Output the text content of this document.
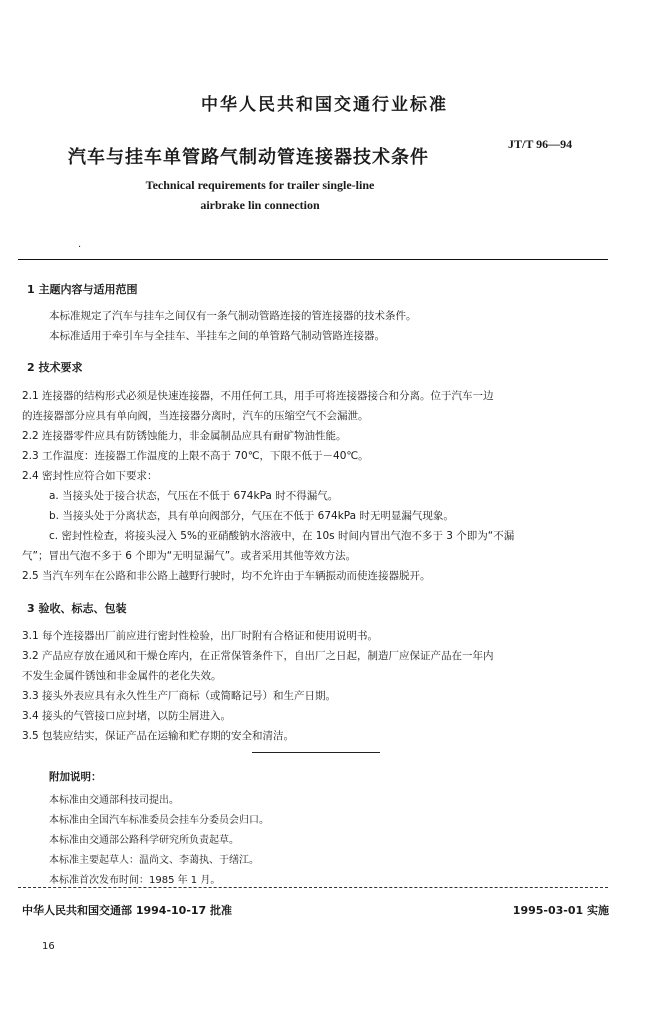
中华人民共和国交通行业标准
汽车与挂车单管路气制动管连接器技术条件
JT/T 96—94
Technical requirements for trailer single-line
airbrake lin connection
·
1 主题内容与适用范围
本标准规定了汽车与挂车之间仅有一条气制动管路连接的管连接器的技术条件。
本标准适用于牵引车与全挂车、半挂车之间的单管路气制动管路连接器。
2 技术要求
2.1 连接器的结构形式必须是快速连接器，不用任何工具，用手可将连接器接合和分离。位于汽车一边
的连接器部分应具有单向阀，当连接器分离时，汽车的压缩空气不会漏泄。
2.2 连接器零件应具有防锈蚀能力，非金属制品应具有耐矿物油性能。
2.3 工作温度：连接器工作温度的上限不高于 70℃，下限不低于－40℃。
2.4 密封性应符合如下要求：
a. 当接头处于接合状态，气压在不低于 674kPa 时不得漏气。
b. 当接头处于分离状态，具有单向阀部分，气压在不低于 674kPa 时无明显漏气现象。
c. 密封性检查，将接头浸入 5%的亚硝酸钠水溶液中，在 10s 时间内冒出气泡不多于 3 个即为“不漏
气”；冒出气泡不多于 6 个即为“无明显漏气”。或者采用其他等效方法。
2.5 当汽车列车在公路和非公路上越野行驶时，均不允许由于车辆振动而使连接器脱开。
3 验收、标志、包装
3.1 每个连接器出厂前应进行密封性检验，出厂时附有合格证和使用说明书。
3.2 产品应存放在通风和干燥仓库内，在正常保管条件下，自出厂之日起，制造厂应保证产品在一年内
不发生金属件锈蚀和非金属件的老化失效。
3.3 接头外表应具有永久性生产厂商标（或简略记号）和生产日期。
3.4 接头的气管接口应封堵，以防尘屑进入。
3.5 包装应结实，保证产品在运输和贮存期的安全和清洁。
附加说明：
本标准由交通部科技司提出。
本标准由全国汽车标准委员会挂车分委员会归口。
本标准由交通部公路科学研究所负责起草。
本标准主要起草人：温尚文、李蔼执、于缮江。
本标准首次发布时间：1985 年 1 月。
中华人民共和国交通部 1994-10-17 批准	1995-03-01 实施
16
